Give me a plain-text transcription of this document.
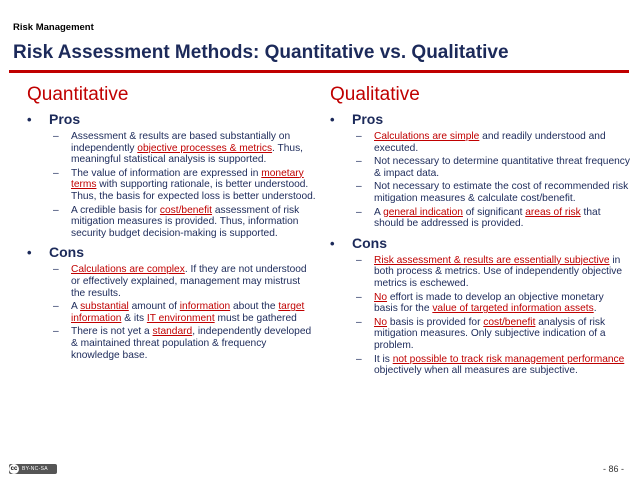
Risk Management
Risk Assessment Methods: Quantitative vs. Qualitative
Quantitative
•	Pros
– Assessment & results are based substantially on independently objective processes & metrics. Thus, meaningful statistical analysis is supported.
– The value of information are expressed in monetary terms with supporting rationale, is better understood. Thus, the basis for expected loss is better understood.
– A credible basis for cost/benefit assessment of risk mitigation measures is provided. Thus, information security budget decision-making is supported.
•	Cons
– Calculations are complex. If they are not understood or effectively explained, management may mistrust the results.
– A substantial amount of information about the target information & its IT environment must be gathered
– There is not yet a standard, independently developed & maintained threat population & frequency knowledge base.
Qualitative
•	Pros
– Calculations are simple and readily understood and executed.
– Not necessary to determine quantitative threat frequency & impact data.
– Not necessary to estimate the cost of recommended risk mitigation measures & calculate cost/benefit.
– A general indication of significant areas of risk that should be addressed is provided.
•	Cons
– Risk assessment & results are essentially subjective in both process & metrics. Use of independently objective metrics is eschewed.
– No effort is made to develop an objective monetary basis for the value of targeted information assets.
– No basis is provided for cost/benefit analysis of risk mitigation measures. Only subjective indication of a problem.
– It is not possible to track risk management performance objectively when all measures are subjective.
cc BY-NC-SA	- 86 -
